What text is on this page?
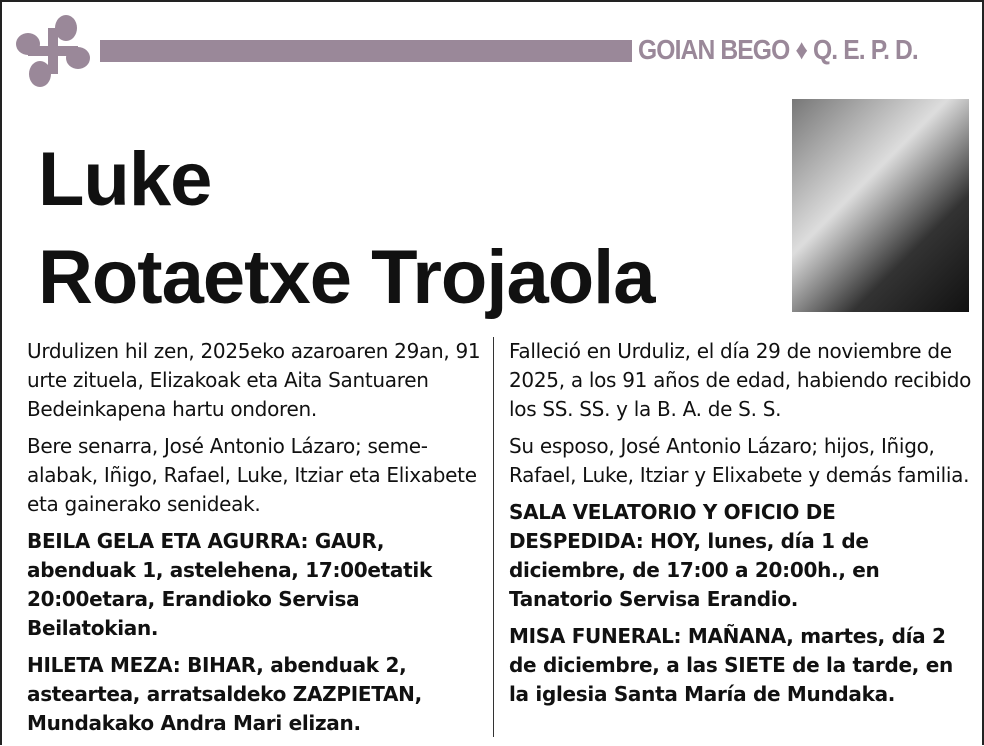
GOIAN BEGO ♦ Q. E. P. D.
Luke
Rotaetxe Trojaola

Urdulizen hil zen, 2025eko azaroaren 29an, 91 urte zituela, Elizakoak eta Aita Santuaren Bedeinkapena hartu ondoren.

Bere senarra, José Antonio Lázaro; seme-alabak, Iñigo, Rafael, Luke, Itziar eta Elixabete eta gainerako senideak.

BEILA GELA ETA AGURRA: GAUR, abenduak 1, astelehena, 17:00etatik 20:00etara, Erandioko Servisa Beilatokian.

HILETA MEZA: BIHAR, abenduak 2, asteartea, arratsaldeko ZAZPIETAN, Mundakako Andra Mari elizan.

Falleció en Urduliz, el día 29 de noviembre de 2025, a los 91 años de edad, habiendo recibido los SS. SS. y la B. A. de S. S.

Su esposo, José Antonio Lázaro; hijos, Iñigo, Rafael, Luke, Itziar y Elixabete y demás familia.

SALA VELATORIO Y OFICIO DE DESPEDIDA: HOY, lunes, día 1 de diciembre, de 17:00 a 20:00h., en Tanatorio Servisa Erandio.

MISA FUNERAL: MAÑANA, martes, día 2 de diciembre, a las SIETE de la tarde, en la iglesia Santa María de Mundaka.
